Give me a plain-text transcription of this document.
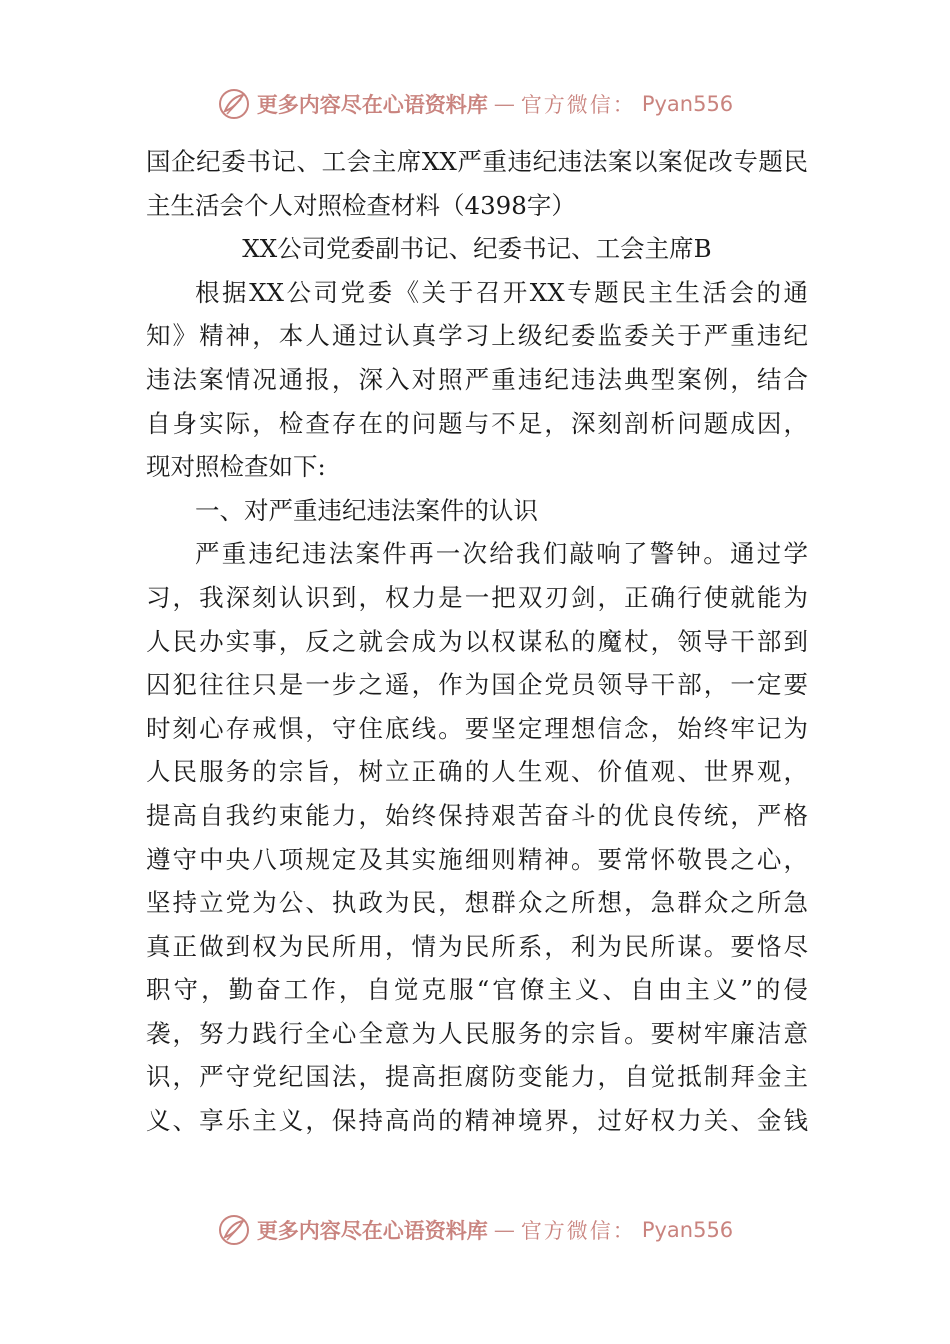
更多内容尽在心语资料库 — 官方微信： Pyan556
国企纪委书记、工会主席XX严重违纪违法案以案促改专题民
主生活会个人对照检查材料（4398字）
XX公司党委副书记、纪委书记、工会主席B
根据XX公司党委《关于召开XX专题民主生活会的通
知》精神，本人通过认真学习上级纪委监委关于严重违纪
违法案情况通报，深入对照严重违纪违法典型案例，结合
自身实际，检查存在的问题与不足，深刻剖析问题成因，
现对照检查如下:
一、对严重违纪违法案件的认识
严重违纪违法案件再一次给我们敲响了警钟。通过学
习，我深刻认识到，权力是一把双刃剑，正确行使就能为
人民办实事，反之就会成为以权谋私的魔杖，领导干部到
囚犯往往只是一步之遥，作为国企党员领导干部，一定要
时刻心存戒惧，守住底线。要坚定理想信念，始终牢记为
人民服务的宗旨，树立正确的人生观、价值观、世界观，
提高自我约束能力，始终保持艰苦奋斗的优良传统，严格
遵守中央八项规定及其实施细则精神。要常怀敬畏之心，
坚持立党为公、执政为民，想群众之所想，急群众之所急
真正做到权为民所用，情为民所系，利为民所谋。要恪尽
职守，勤奋工作，自觉克服“官僚主义、自由主义”的侵
袭，努力践行全心全意为人民服务的宗旨。要树牢廉洁意
识，严守党纪国法，提高拒腐防变能力，自觉抵制拜金主
义、享乐主义，保持高尚的精神境界，过好权力关、金钱
更多内容尽在心语资料库 — 官方微信： Pyan556
